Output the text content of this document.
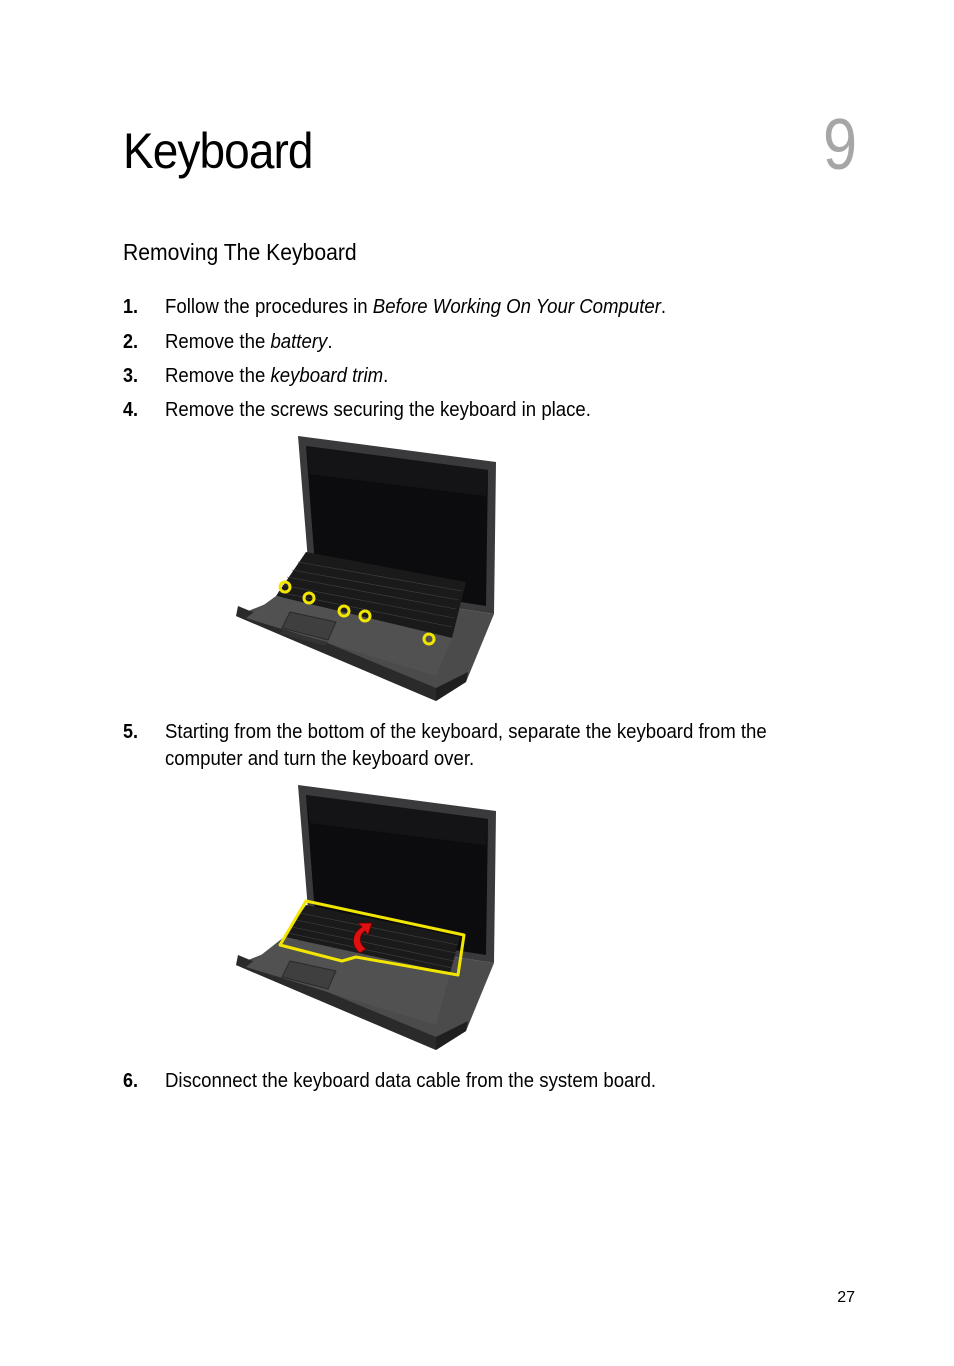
Keyboard	9
Removing The Keyboard
1. Follow the procedures in Before Working On Your Computer.
2. Remove the battery.
3. Remove the keyboard trim.
4. Remove the screws securing the keyboard in place.
5. Starting from the bottom of the keyboard, separate the keyboard from the computer and turn the keyboard over.
6. Disconnect the keyboard data cable from the system board.
27
